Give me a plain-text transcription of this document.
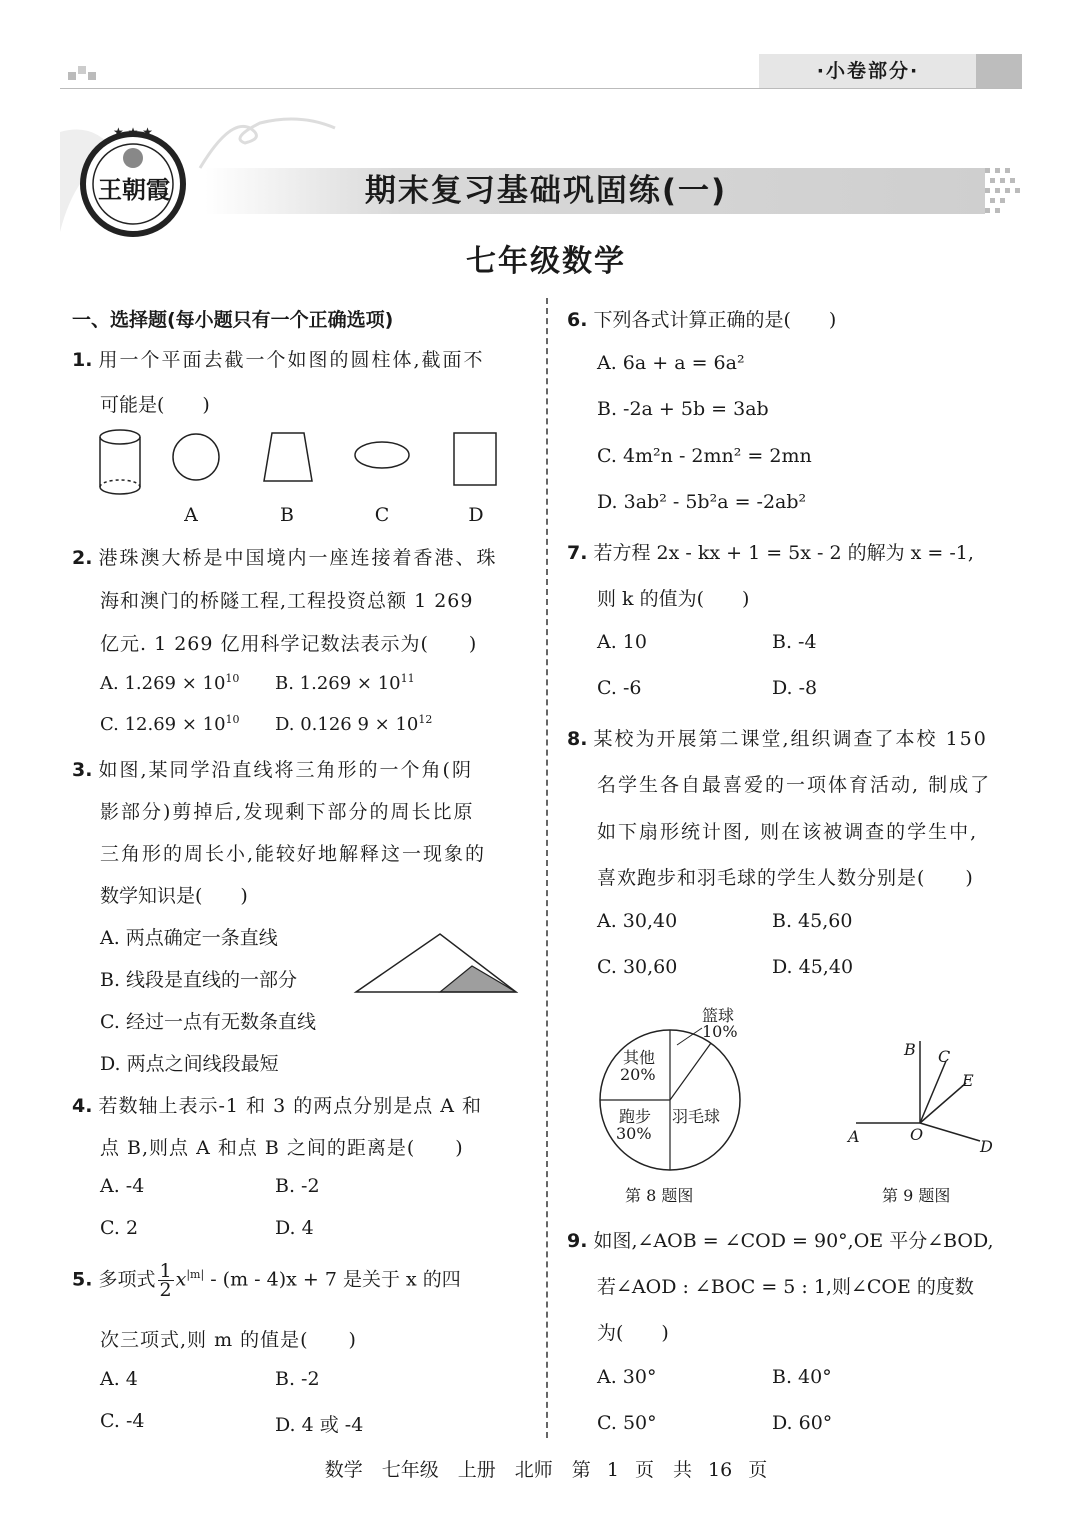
·小卷部分·
★ ★ ★
王朝霞	期末复习基础巩固练(一)
七年级数学
一、选择题(每小题只有一个正确选项)
1. 用一个平面去截一个如图的圆柱体,截面不
可能是(　　)
A	B	C	D
2. 港珠澳大桥是中国境内一座连接着香港、珠
海和澳门的桥隧工程,工程投资总额 1 269
亿元. 1 269 亿用科学记数法表示为(　　)
A. $1.269 \times 10^{10}$ B. $1.269 \times 10^{11}$
C. $12.69 \times 10^{10}$ D. 0.126 $9 \times 10^{12}$
3. 如图,某同学沿直线将三角形的一个角(阴
影部分)剪掉后,发现剩下部分的周长比原
三角形的周长小,能较好地解释这一现象的
数学知识是(　　)
A. 两点确定一条直线
B. 线段是直线的一部分
C. 经过一点有无数条直线
D. 两点之间线段最短
4. 若数轴上表示-1 和 3 的两点分别是点 A 和
点 B,则点 A 和点 B 之间的距离是(　　)
A. -4	B. -2
C. 2	D. 4
5. 多项式 $\frac{1}{2} x^{|m|} - (m - 4)x + 7$ 是关于 x 的四
次三项式,则 m 的值是(　　)
A. 4	B. -2
C. -4	D. 4 或 -4
6. 下列各式计算正确的是(　　)
A. 6a + a = 6a²
B. -2a + 5b = 3ab
C. 4m²n - 2mn² = 2mn
D. 3ab² - 5b²a = -2ab²
7. 若方程 2x - kx + 1 = 5x - 2 的解为 x = -1,
则 k 的值为(　　)
A. 10	B. -4
C. -6	D. -8
8. 某校为开展第二课堂,组织调查了本校 150
名学生各自最喜爱的一项体育活动, 制成了
如下扇形统计图, 则在该被调查的学生中,
喜欢跑步和羽毛球的学生人数分别是(　　)
A. 30,40	B. 45,60
C. 30,60	D. 45,40
篮球
10%
其他
20%
跑步
30%
羽毛球
第 8 题图
B C
E
A	O
D
第 9 题图
9. 如图,∠AOB = ∠COD = 90°,OE 平分∠BOD,
若∠AOD : ∠BOC = 5 : 1,则∠COE 的度数
为(　　)
A. 30°	B. 40°
C. 50°	D. 60°
数学　七年级　上册　北师　第 1 页　共 16 页
